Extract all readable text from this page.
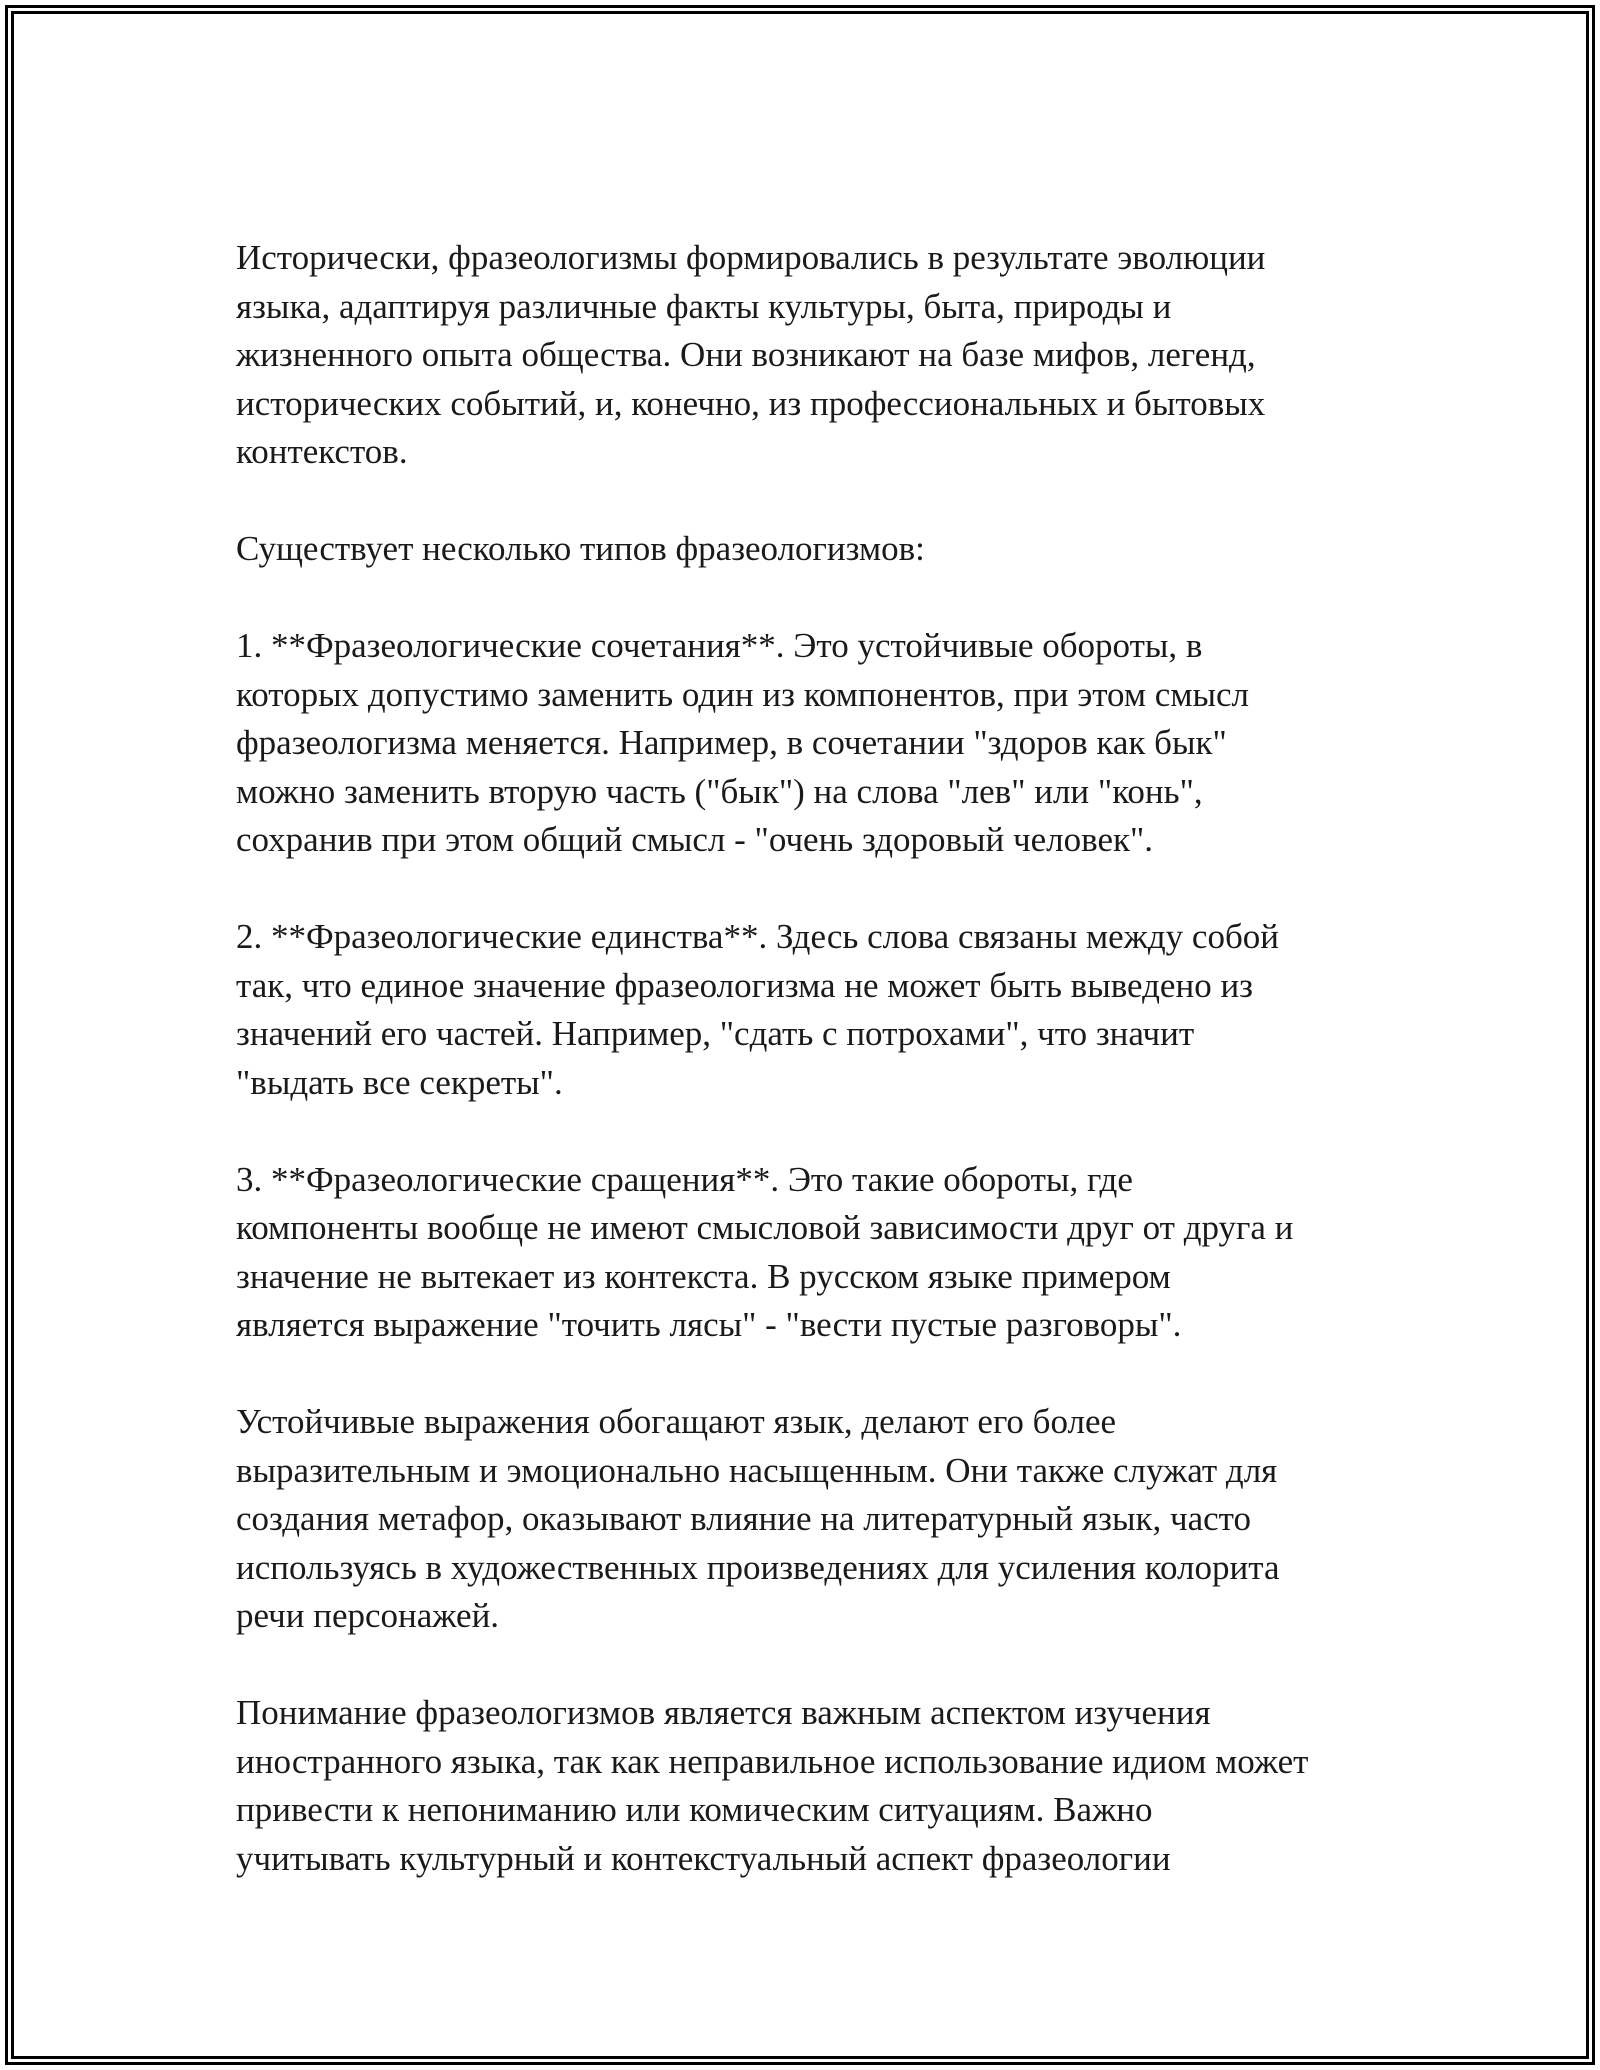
Исторически, фразеологизмы формировались в результате эволюции
языка, адаптируя различные факты культуры, быта, природы и
жизненного опыта общества. Они возникают на базе мифов, легенд,
исторических событий, и, конечно, из профессиональных и бытовых
контекстов.

Существует несколько типов фразеологизмов:

1. **Фразеологические сочетания**. Это устойчивые обороты, в
которых допустимо заменить один из компонентов, при этом смысл
фразеологизма меняется. Например, в сочетании "здоров как бык"
можно заменить вторую часть ("бык") на слова "лев" или "конь",
сохранив при этом общий смысл - "очень здоровый человек".

2. **Фразеологические единства**. Здесь слова связаны между собой
так, что единое значение фразеологизма не может быть выведено из
значений его частей. Например, "сдать с потрохами", что значит
"выдать все секреты".

3. **Фразеологические сращения**. Это такие обороты, где
компоненты вообще не имеют смысловой зависимости друг от друга и
значение не вытекает из контекста. В русском языке примером
является выражение "точить лясы" - "вести пустые разговоры".

Устойчивые выражения обогащают язык, делают его более
выразительным и эмоционально насыщенным. Они также служат для
создания метафор, оказывают влияние на литературный язык, часто
используясь в художественных произведениях для усиления колорита
речи персонажей.

Понимание фразеологизмов является важным аспектом изучения
иностранного языка, так как неправильное использование идиом может
привести к непониманию или комическим ситуациям. Важно
учитывать культурный и контекстуальный аспект фразеологии
